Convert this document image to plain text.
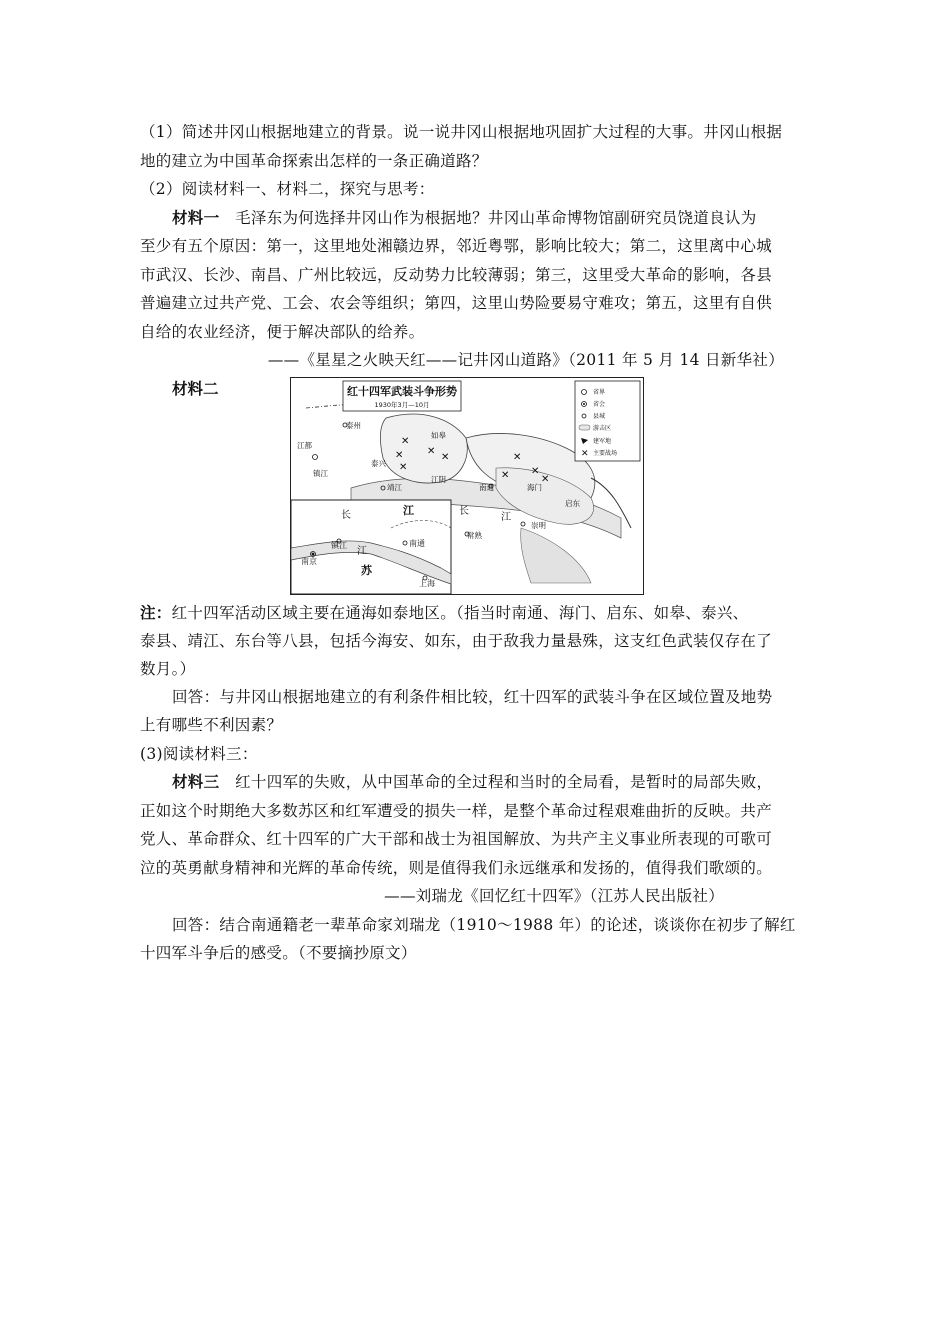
（1）简述井冈山根据地建立的背景。说一说井冈山根据地巩固扩大过程的大事。井冈山根据
地的建立为中国革命探索出怎样的一条正确道路？
（2）阅读材料一、材料二，探究与思考：
材料一 毛泽东为何选择井冈山作为根据地？井冈山革命博物馆副研究员饶道良认为
至少有五个原因：第一，这里地处湘赣边界，邻近粤鄂，影响比较大；第二，这里离中心城
市武汉、长沙、南昌、广州比较远，反动势力比较薄弱；第三，这里受大革命的影响，各县
普遍建立过共产党、工会、农会等组织；第四，这里山势险要易守难攻；第五，这里有自供
自给的农业经济，便于解决部队的给养。
——《星星之火映天红——记井冈山道路》（2011 年 5 月 14 日新华社）
材料二	红十四军武装斗争形势
1930年3月—10月
省界
省会
县城
游击区
建军地
✕ 主要战场
泰州
江都
镇江
靖江
泰兴
如皋
南通	海门
启东
江阴
崇明
常熟
长
江
✕
✕ ✕
✕
✕
✕
✕ ✕
✕
长	江
江
苏
镇江
南京
南通
上海
注：红十四军活动区域主要在通海如泰地区。（指当时南通、海门、启东、如皋、泰兴、
泰县、靖江、东台等八县，包括今海安、如东，由于敌我力量悬殊，这支红色武装仅存在了
数月。）
回答：与井冈山根据地建立的有利条件相比较，红十四军的武装斗争在区域位置及地势
上有哪些不利因素？
(3)阅读材料三：
材料三 红十四军的失败，从中国革命的全过程和当时的全局看，是暂时的局部失败，
正如这个时期绝大多数苏区和红军遭受的损失一样，是整个革命过程艰难曲折的反映。共产
党人、革命群众、红十四军的广大干部和战士为祖国解放、为共产主义事业所表现的可歌可
泣的英勇献身精神和光辉的革命传统，则是值得我们永远继承和发扬的，值得我们歌颂的。
——刘瑞龙《回忆红十四军》（江苏人民出版社）
回答：结合南通籍老一辈革命家刘瑞龙（1910～1988 年）的论述，谈谈你在初步了解红
十四军斗争后的感受。（不要摘抄原文）
